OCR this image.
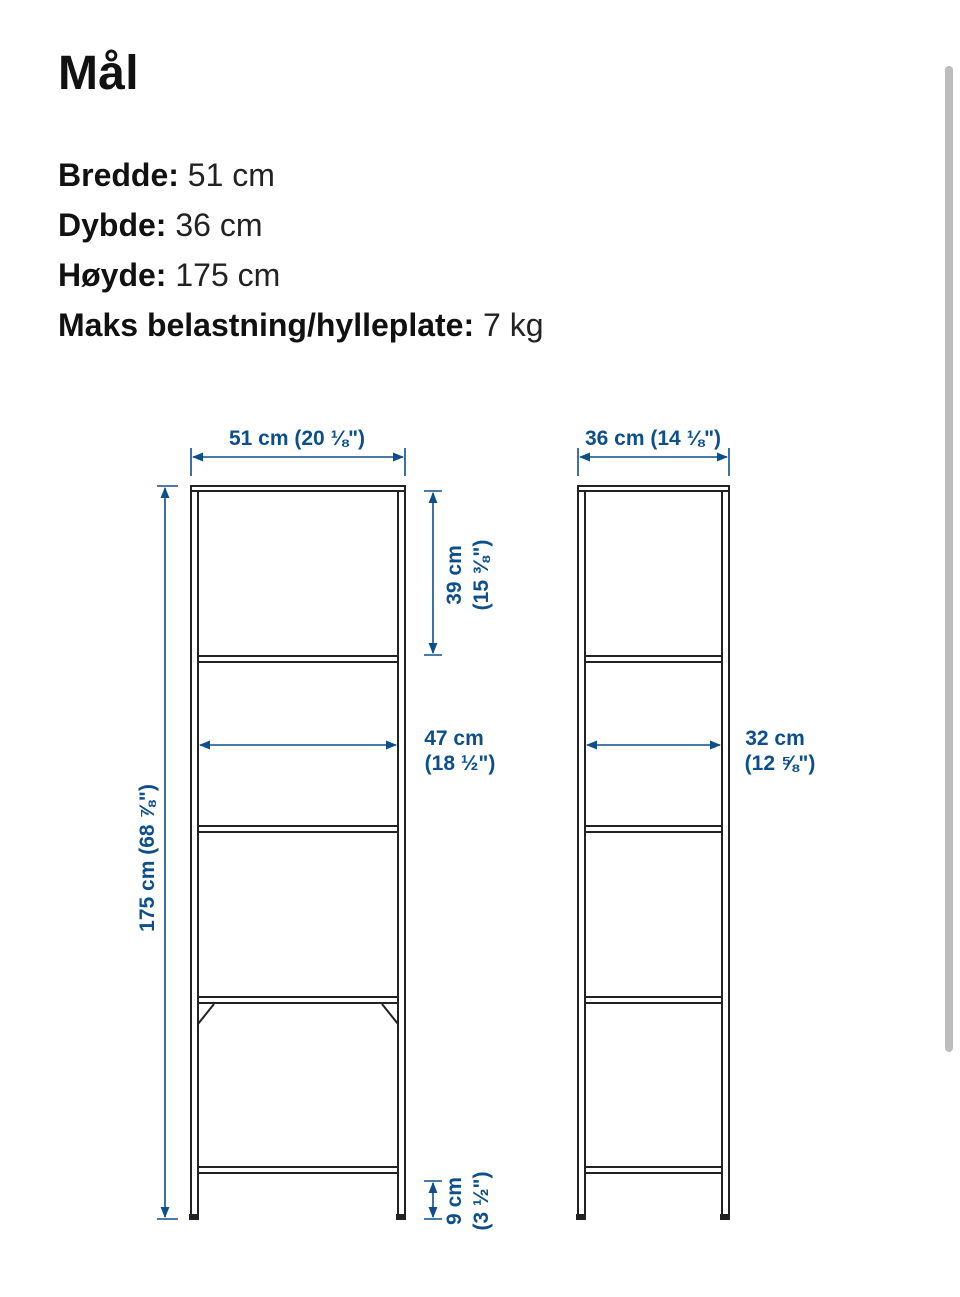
Mål
Bredde: 51 cm
Dybde: 36 cm
Høyde: 175 cm
Maks belastning/hylleplate: 7 kg
51 cm (20 ⅛")	36 cm (14 ⅛")
47 cm
(18 ½")
32 cm
(12 ⅝")
175 cm (68 ⅞")
39 cm (15 ⅜")
9 cm (3 ½")
